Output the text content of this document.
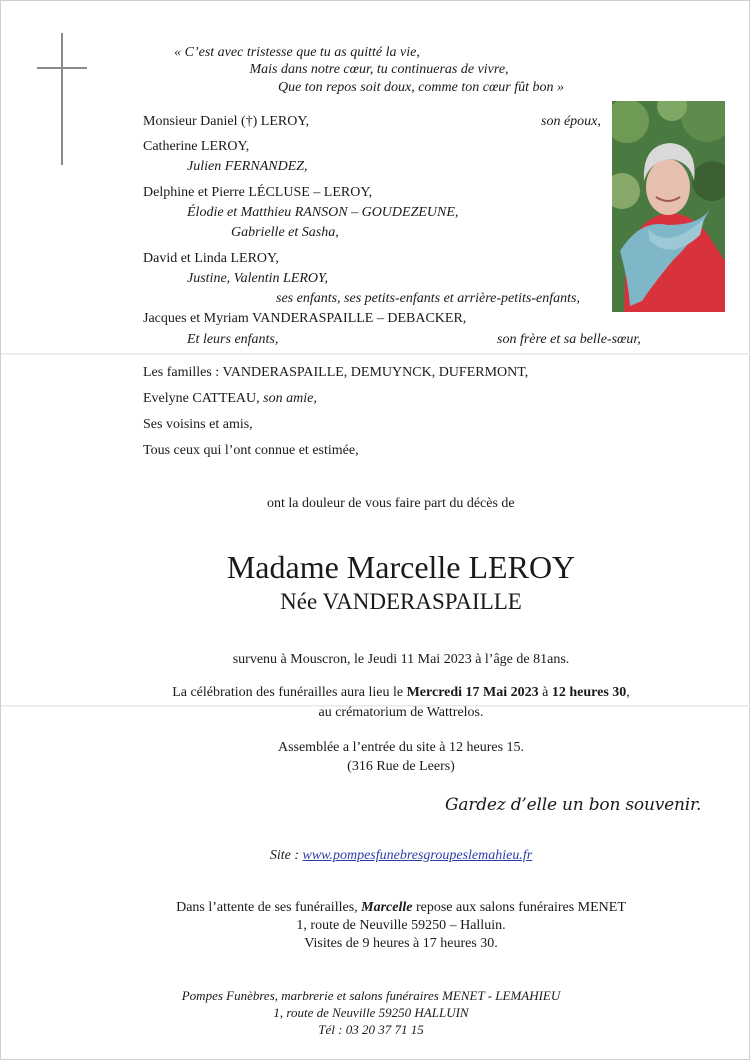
« C’est avec tristesse que tu as quitté la vie,
Mais dans notre cœur, tu continueras de vivre,
Que ton repos soit doux, comme ton cœur fût bon »
Monsieur Daniel (†) LEROY,	son époux,
Catherine LEROY,
Julien FERNANDEZ,
Delphine et Pierre LÉCLUSE – LEROY,
Élodie et Matthieu RANSON – GOUDEZEUNE,
Gabrielle et Sasha,
David et Linda LEROY,
Justine, Valentin LEROY,
ses enfants, ses petits-enfants et arrière-petits-enfants,
Jacques et Myriam VANDERASPAILLE – DEBACKER,
Et leurs enfants,	son frère et sa belle-sœur,
Les familles : VANDERASPAILLE, DEMUYNCK, DUFERMONT,
Evelyne CATTEAU, son amie,
Ses voisins et amis,
Tous ceux qui l’ont connue et estimée,
ont la douleur de vous faire part du décès de
Madame Marcelle LEROY
Née VANDERASPAILLE
survenu à Mouscron, le Jeudi 11 Mai 2023 à l’âge de 81ans.
La célébration des funérailles aura lieu le Mercredi 17 Mai 2023 à 12 heures 30,
au crématorium de Wattrelos.
Assemblée a l’entrée du site à 12 heures 15.
(316 Rue de Leers)
Gardez d’elle un bon souvenir.
Site : www.pompesfunebresgroupeslemahieu.fr
Dans l’attente de ses funérailles, Marcelle repose aux salons funéraires MENET
1, route de Neuville 59250 – Halluin.
Visites de 9 heures à 17 heures 30.
Pompes Funèbres, marbrerie et salons funéraires MENET - LEMAHIEU
1, route de Neuville 59250 HALLUIN
Tél : 03 20 37 71 15
